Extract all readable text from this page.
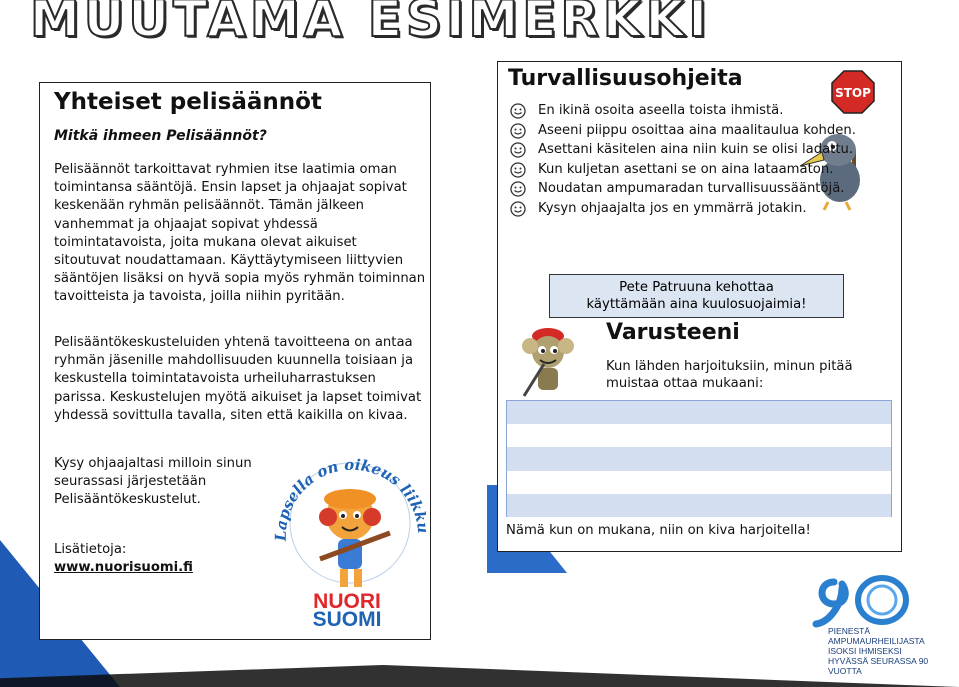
MUUTAMA ESIMERKKI
6
Yhteiset pelisäännöt
Mitkä ihmeen Pelisäännöt?

Pelisäännöt tarkoittavat ryhmien itse laatimia oman toimintansa sääntöjä. Ensin lapset ja ohjaajat sopivat keskenään ryhmän pelisäännöt. Tämän jälkeen vanhemmat ja ohjaajat sopivat yhdessä toimintatavoista, joita mukana olevat aikuiset sitoutuvat noudattamaan. Käyttäytymiseen liittyvien sääntöjen lisäksi on hyvä sopia myös ryhmän toiminnan tavoitteista ja tavoista, joilla niihin pyritään.

Pelisääntökeskusteluiden yhtenä tavoitteena on antaa ryhmän jäsenille mahdollisuuden kuunnella toisiaan ja keskustella toimintatavoista urheiluharrastuksen parissa. Keskustelujen myötä aikuiset ja lapset toimivat yhdessä sovittulla tavalla, siten että kaikilla on kivaa.

Kysy ohjaajaltasi milloin sinun seurassasi järjestetään Pelisääntökeskustelut.

Lisätietoja:
www.nuorisuomi.fi
Lapsella on oikeus liik
NUORI
SUOMI
Turvallisuusohjeita
STOP
En ikinä osoita aseella toista ihmistä.
Aseeni piippu osoittaa aina maalitaulua kohden.
Asettani käsitelen aina niin kuin se olisi ladattu.
Kun kuljetan asettani se on aina lataamaton.
Noudatan ampumaradan turvallisuussääntöjä.
Kysyn ohjaajalta jos en ymmärrä jotakin.
Pete Patruuna kehottaa
käyttämään aina kuulosuojaimia!
Varusteeni
Kun lähden harjoituksiin, minun pitää muistaa ottaa mukaani:
Nämä kun on mukana, niin on kiva harjoitella!
90
PIENESTÄ AMPUMAURHEILIJASTA
ISOKSI IHMISEKSI
HYVÄSSÄ SEURASSA 90 VUOTTA
